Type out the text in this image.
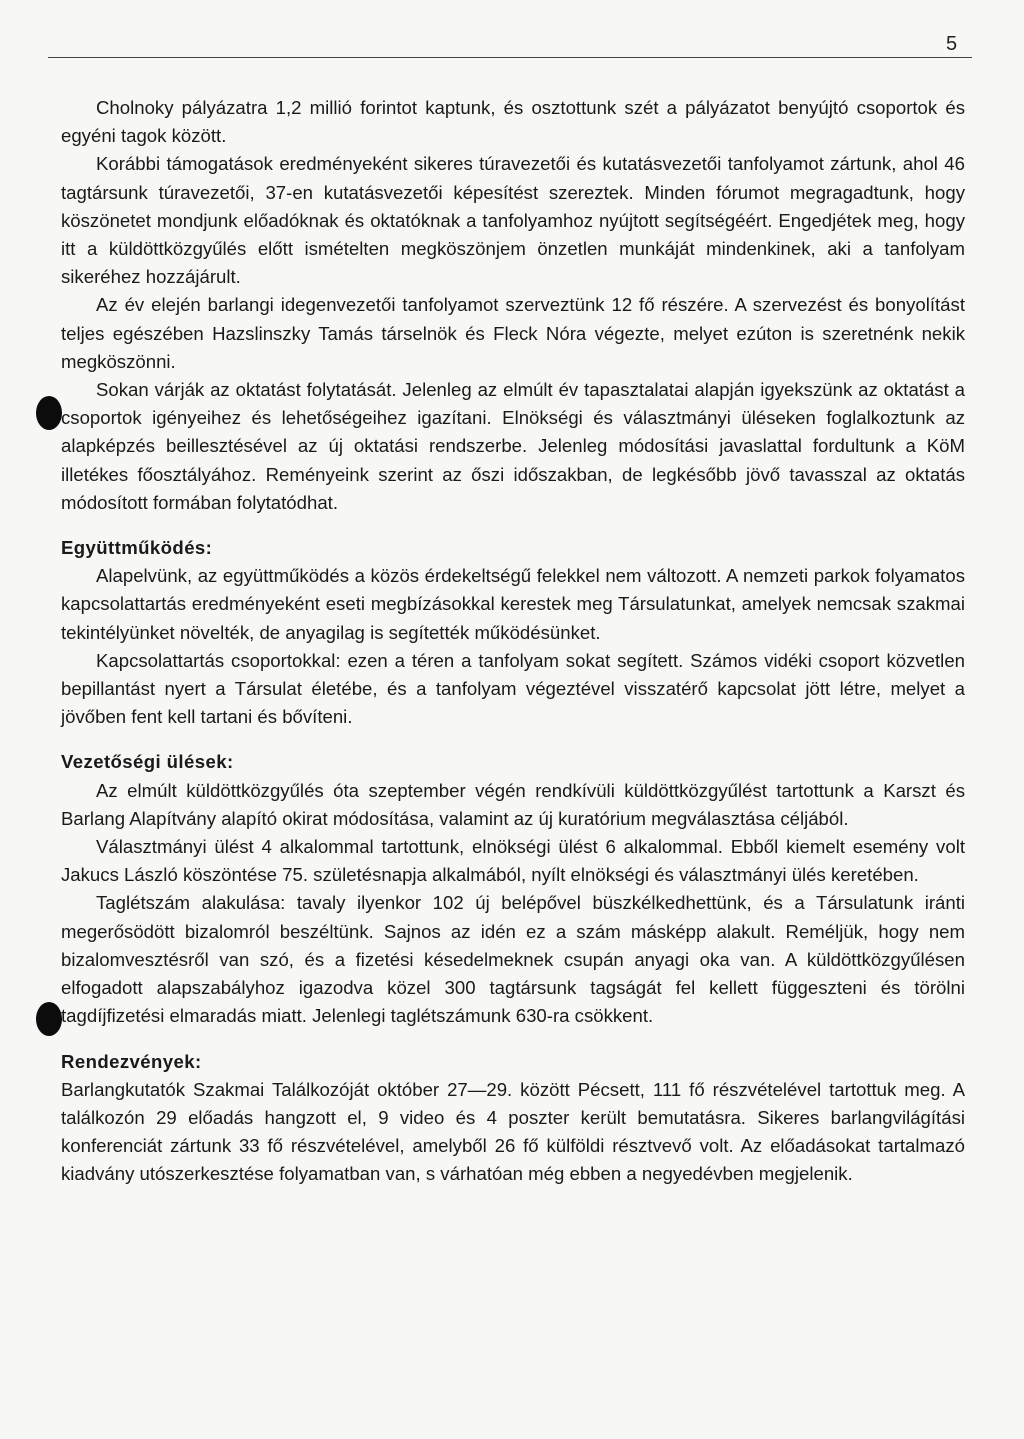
5

Cholnoky pályázatra 1,2 millió forintot kaptunk, és osztottunk szét a pályázatot benyújtó csoportok és egyéni tagok között.

Korábbi támogatások eredményeként sikeres túravezetői és kutatásvezetői tanfolyamot zártunk, ahol 46 tagtársunk túravezetői, 37-en kutatásvezetői képesítést szereztek. Minden fórumot megragadtunk, hogy köszönetet mondjunk előadóknak és oktatóknak a tanfolyamhoz nyújtott segítségéért. Engedjétek meg, hogy itt a küldöttközgyűlés előtt ismételten megköszönjem önzetlen munkáját mindenkinek, aki a tanfolyam sikeréhez hozzájárult.

Az év elején barlangi idegenvezetői tanfolyamot szerveztünk 12 fő részére. A szervezést és bonyolítást teljes egészében Hazslinszky Tamás társelnök és Fleck Nóra végezte, melyet ezúton is szeretnénk nekik megköszönni.

Sokan várják az oktatást folytatását. Jelenleg az elmúlt év tapasztalatai alapján igyekszünk az oktatást a csoportok igényeihez és lehetőségeihez igazítani. Elnökségi és választmányi üléseken foglalkoztunk az alapképzés beillesztésével az új oktatási rendszerbe. Jelenleg módosítási javaslattal fordultunk a KöM illetékes főosztályához. Reményeink szerint az őszi időszakban, de legkésőbb jövő tavasszal az oktatás módosított formában folytatódhat.

Együttműködés:

Alapelvünk, az együttműködés a közös érdekeltségű felekkel nem változott. A nemzeti parkok folyamatos kapcsolattartás eredményeként eseti megbízásokkal kerestek meg Társulatunkat, amelyek nemcsak szakmai tekintélyünket növelték, de anyagilag is segítették működésünket.

Kapcsolattartás csoportokkal: ezen a téren a tanfolyam sokat segített. Számos vidéki csoport közvetlen bepillantást nyert a Társulat életébe, és a tanfolyam végeztével visszatérő kapcsolat jött létre, melyet a jövőben fent kell tartani és bővíteni.

Vezetőségi ülések:

Az elmúlt küldöttközgyűlés óta szeptember végén rendkívüli küldöttközgyűlést tartottunk a Karszt és Barlang Alapítvány alapító okirat módosítása, valamint az új kuratórium megválasztása céljából.

Választmányi ülést 4 alkalommal tartottunk, elnökségi ülést 6 alkalommal. Ebből kiemelt esemény volt Jakucs László köszöntése 75. születésnapja alkalmából, nyílt elnökségi és választmányi ülés keretében.

Taglétszám alakulása: tavaly ilyenkor 102 új belépővel büszkélkedhettünk, és a Társulatunk iránti megerősödött bizalomról beszéltünk. Sajnos az idén ez a szám másképp alakult. Reméljük, hogy nem bizalomvesztésről van szó, és a fizetési késedelmeknek csupán anyagi oka van. A küldöttközgyűlésen elfogadott alapszabályhoz igazodva közel 300 tagtársunk tagságát fel kellett függeszteni és törölni tagdíjfizetési elmaradás miatt. Jelenlegi taglétszámunk 630-ra csökkent.

Rendezvények:

Barlangkutatók Szakmai Találkozóját október 27—29. között Pécsett, 111 fő részvételével tartottuk meg. A találkozón 29 előadás hangzott el, 9 video és 4 poszter került bemutatásra. Sikeres barlangvilágítási konferenciát zártunk 33 fő részvételével, amelyből 26 fő külföldi résztvevő volt. Az előadásokat tartalmazó kiadvány utószerkesztése folyamatban van, s várhatóan még ebben a negyedévben megjelenik.
